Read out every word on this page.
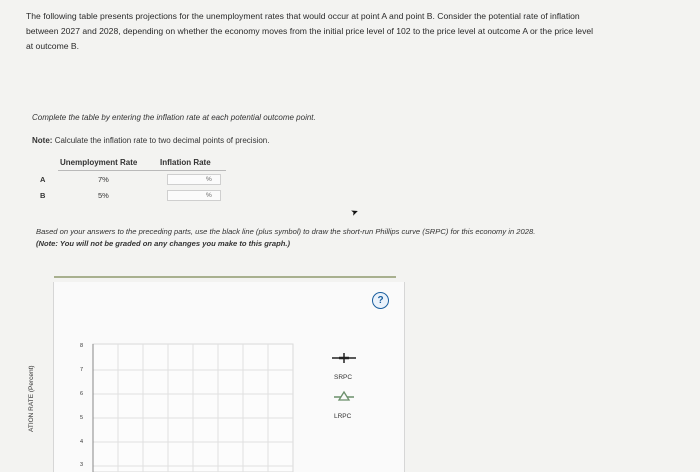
The following table presents projections for the unemployment rates that would occur at point A and point B. Consider the potential rate of inflation
between 2027 and 2028, depending on whether the economy moves from the initial price level of 102 to the price level at outcome A or the price level
at outcome B.
Complete the table by entering the inflation rate at each potential outcome point.
Note: Calculate the inflation rate to two decimal points of precision.
Unemployment Rate	Inflation Rate
A	7%	%
B	5%	%
➤
Based on your answers to the preceding parts, use the black line (plus symbol) to draw the short-run Phillips curve (SRPC) for this economy in 2028.
(Note: You will not be graded on any changes you make to this graph.)
?
8
7
6
5
4
3
ATION RATE (Percent)	SRPC
LRPC
